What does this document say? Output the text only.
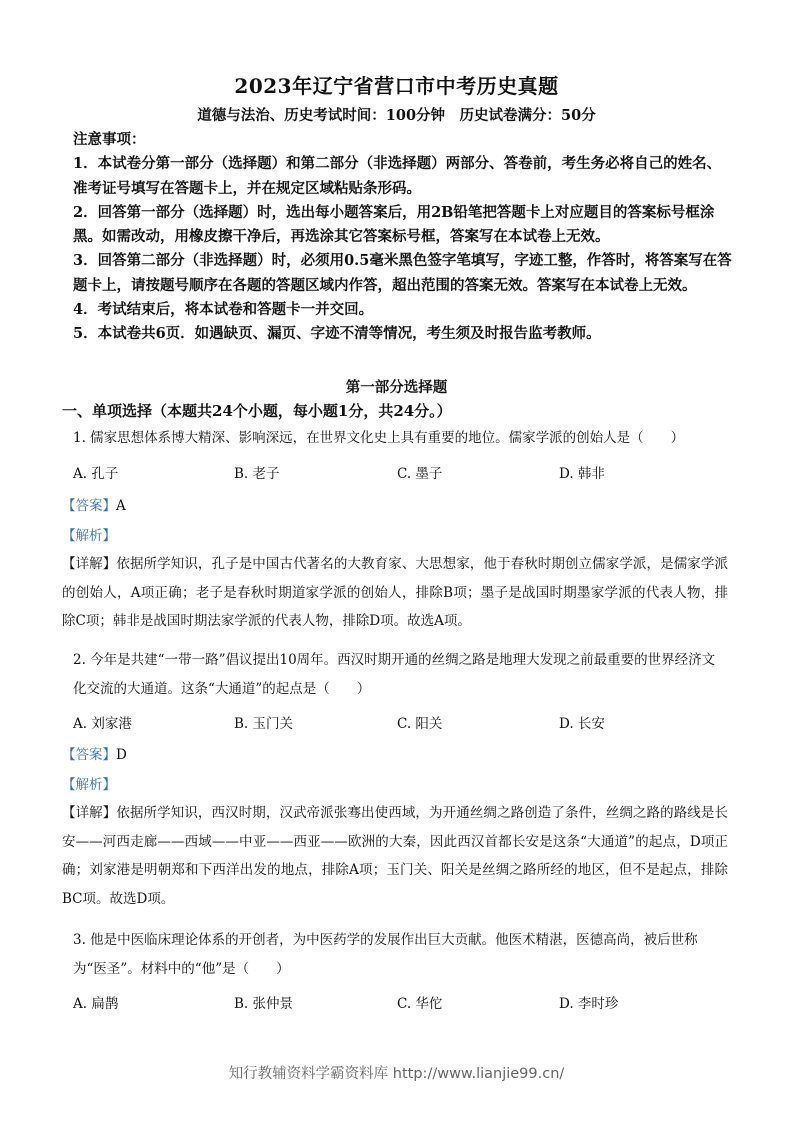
2023年辽宁省营口市中考历史真题
道德与法治、历史考试时间：100分钟　历史试卷满分：50分

注意事项：

1．本试卷分第一部分（选择题）和第二部分（非选择题）两部分、答卷前，考生务必将自己的姓名、准考证号填写在答题卡上，并在规定区域粘贴条形码。

2．回答第一部分（选择题）时，选出每小题答案后，用2B铅笔把答题卡上对应题目的答案标号框涂黑。如需改动，用橡皮擦干净后，再选涂其它答案标号框，答案写在本试卷上无效。

3．回答第二部分（非选择题）时，必须用0.5毫米黑色签字笔填写，字迹工整，作答时，将答案写在答题卡上，请按题号顺序在各题的答题区域内作答，超出范围的答案无效。答案写在本试卷上无效。

4．考试结束后，将本试卷和答题卡一并交回。

5．本试卷共6页．如遇缺页、漏页、字迹不清等情况，考生须及时报告监考教师。

第一部分选择题
一、单项选择（本题共24个小题，每小题1分，共24分。）
1. 儒家思想体系博大精深、影响深远，在世界文化史上具有重要的地位。儒家学派的创始人是（　　）
A. 孔子	B. 老子	C. 墨子	D. 韩非
【答案】A
【解析】
【详解】依据所学知识，孔子是中国古代著名的大教育家、大思想家，他于春秋时期创立儒家学派，是儒家学派的创始人，A项正确；老子是春秋时期道家学派的创始人，排除B项；墨子是战国时期墨家学派的代表人物，排除C项；韩非是战国时期法家学派的代表人物，排除D项。故选A项。
2. 今年是共建“一带一路”倡议提出10周年。西汉时期开通的丝绸之路是地理大发现之前最重要的世界经济文化交流的大通道。这条“大通道”的起点是（　　）
A. 刘家港	B. 玉门关	C. 阳关	D. 长安
【答案】D
【解析】
【详解】依据所学知识，西汉时期，汉武帝派张骞出使西域，为开通丝绸之路创造了条件，丝绸之路的路线是长安——河西走廊——西域——中亚——西亚——欧洲的大秦，因此西汉首都长安是这条“大通道”的起点，D项正确；刘家港是明朝郑和下西洋出发的地点，排除A项；玉门关、阳关是丝绸之路所经的地区，但不是起点，排除BC项。故选D项。
3. 他是中医临床理论体系的开创者，为中医药学的发展作出巨大贡献。他医术精湛，医德高尚，被后世称为“医圣”。材料中的“他”是（　　）
A. 扁鹊	B. 张仲景	C. 华佗	D. 李时珍
知行教辅资料学霸资料库 http://www.lianjie99.cn/
